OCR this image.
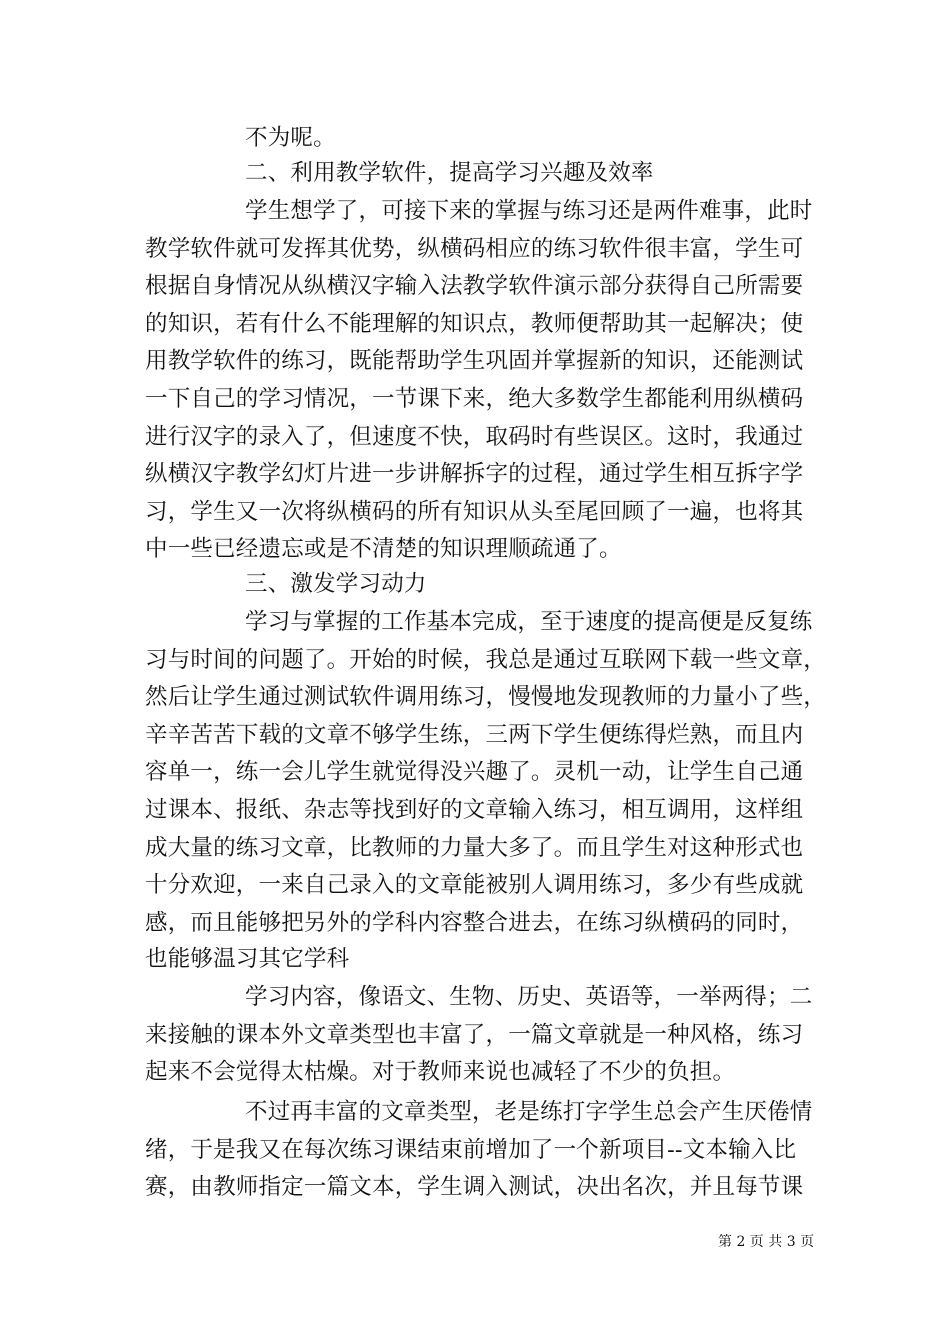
不为呢。
二、利用教学软件，提高学习兴趣及效率
学生想学了，可接下来的掌握与练习还是两件难事，此时
教学软件就可发挥其优势，纵横码相应的练习软件很丰富，学生可
根据自身情况从纵横汉字输入法教学软件演示部分获得自己所需要
的知识，若有什么不能理解的知识点，教师便帮助其一起解决；使
用教学软件的练习，既能帮助学生巩固并掌握新的知识，还能测试
一下自己的学习情况，一节课下来，绝大多数学生都能利用纵横码
进行汉字的录入了，但速度不快，取码时有些误区。这时，我通过
纵横汉字教学幻灯片进一步讲解拆字的过程，通过学生相互拆字学
习，学生又一次将纵横码的所有知识从头至尾回顾了一遍，也将其
中一些已经遗忘或是不清楚的知识理顺疏通了。
三、激发学习动力
学习与掌握的工作基本完成，至于速度的提高便是反复练
习与时间的问题了。开始的时候，我总是通过互联网下载一些文章，
然后让学生通过测试软件调用练习，慢慢地发现教师的力量小了些，
辛辛苦苦下载的文章不够学生练，三两下学生便练得烂熟，而且内
容单一，练一会儿学生就觉得没兴趣了。灵机一动，让学生自己通
过课本、报纸、杂志等找到好的文章输入练习，相互调用，这样组
成大量的练习文章，比教师的力量大多了。而且学生对这种形式也
十分欢迎，一来自己录入的文章能被别人调用练习，多少有些成就
感，而且能够把另外的学科内容整合进去，在练习纵横码的同时，
也能够温习其它学科
学习内容，像语文、生物、历史、英语等，一举两得；二
来接触的课本外文章类型也丰富了，一篇文章就是一种风格，练习
起来不会觉得太枯燥。对于教师来说也减轻了不少的负担。
不过再丰富的文章类型，老是练打字学生总会产生厌倦情
绪，于是我又在每次练习课结束前增加了一个新项目--文本输入比
赛，由教师指定一篇文本，学生调入测试，决出名次，并且每节课
第 2 页 共 3 页
